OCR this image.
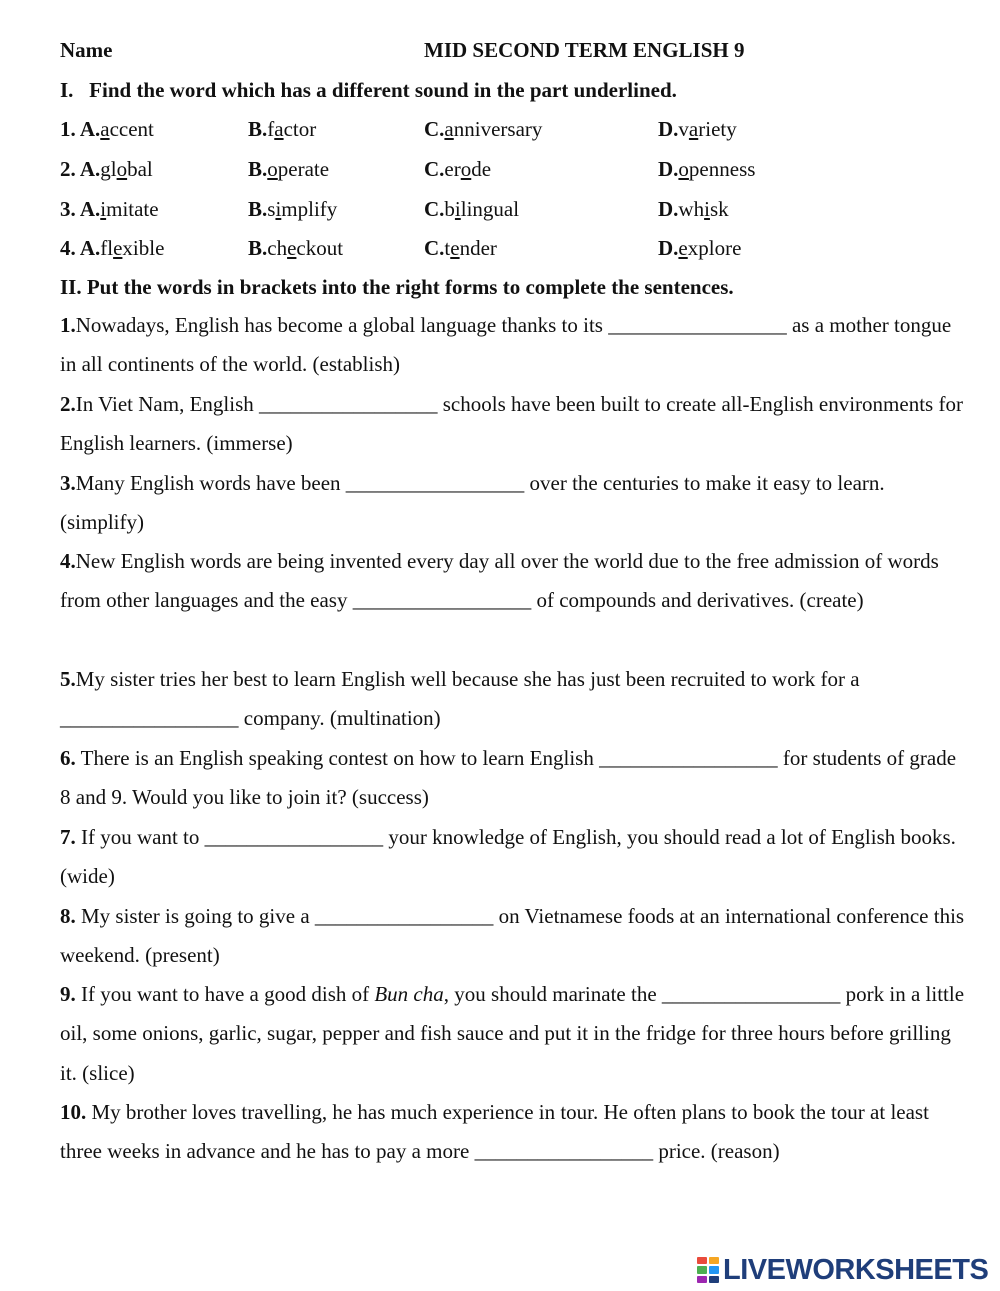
Name	MID SECOND TERM ENGLISH 9
I.   Find the word which has a different sound in the part underlined.
1. A.accent	B.factor	C.anniversary	D.variety
2. A.global	B.operate	C.erode	D.openness
3. A.imitate	B.simplify	C.bilingual	D.whisk
4. A.flexible	B.checkout	C.tender	D.explore
II. Put the words in brackets into the right forms to complete the sentences.
1.Nowadays, English has become a global language thanks to its _________________ as a mother tongue in all continents of the world. (establish)
2.In Viet Nam, English _________________ schools have been built to create all-English environments for English learners. (immerse)
3.Many English words have been _________________ over the centuries to make it easy to learn. (simplify)
4.New English words are being invented every day all over the world due to the free admission of words from other languages and the easy _________________ of compounds and derivatives. (create)
5.My sister tries her best to learn English well because she has just been recruited to work for a _________________ company. (multination)
6. There is an English speaking contest on how to learn English _________________ for students of grade 8 and 9. Would you like to join it? (success)
7. If you want to _________________ your knowledge of English, you should read a lot of English books. (wide)
8. My sister is going to give a _________________ on Vietnamese foods at an international conference this weekend. (present)
9. If you want to have a good dish of Bun cha, you should marinate the _________________ pork in a little oil, some onions, garlic, sugar, pepper and fish sauce and put it in the fridge for three hours before grilling it. (slice)
10. My brother loves travelling, he has much experience in tour. He often plans to book the tour at least three weeks in advance and he has to pay a more _________________ price. (reason)
LIVEWORKSHEETS
